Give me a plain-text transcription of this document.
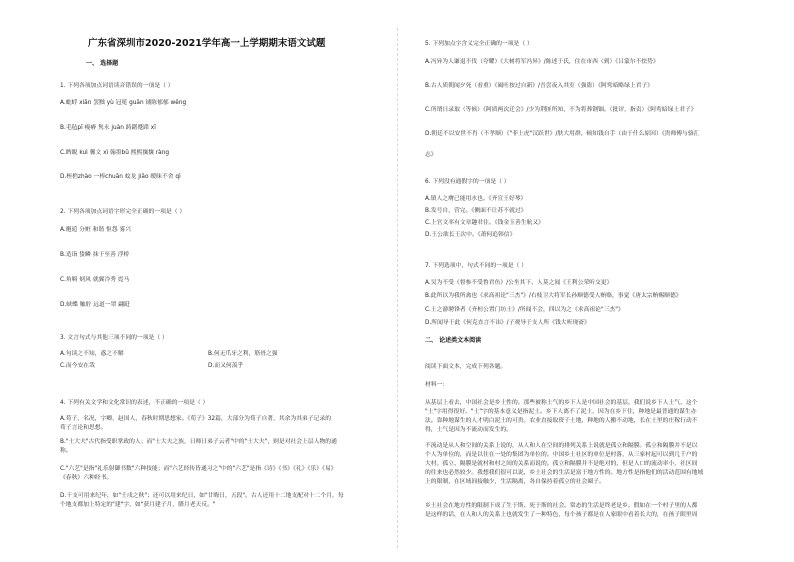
广东省深圳市2020-2021学年高一上学期期末语文试题
一、 选择题
1. 下列各项加点词语读音错误的一项是（ ）
A.蚍蜉 xiān 罢黜 yù 冠冕 guān 铺陈郁郁 wěng
B.毛毡pī 瘦瘠 隽永 juàn 踌躇蹙踖 xī
C.睥睨 kuì 馨文 xì 翰墨bǔ 熙熙攘攘 ràng
D.桎梏zhào 一棒chuān 蚊龙 jiāo 暧昧不舍 qì
2. 下列各项加点词语字形完全正确的一项是（ ）
A.邂逅 分赃 和谐 怄怨 雾兴
B.造诣 蛰鳞 抹于至善 浮桥
C.角羁 炳风 就翼冷秀 霓马
D.蛱蝶 触聍 远道一罩 翩跹
3. 文言句式与其他三项不同的一项是（ ）
A.句读之不知，惑之不解	B.何无爪牙之利，筋骨之强
C.而今安在哉	D.而又何羡乎
4. 下列有关文学和文化常识的表述，不正确的一项是（ ）
A.荀子，名况，字卿，赵国人，春秋时期思想家。《荀子》32篇，大部分为荀子自著，其余为其弟子记录的
荀子言论和思想。
B."士大夫"古代指受职掌政的人；而"士大夫之族，日师日弟子云者"中的"士大夫"，则是对社会上层人物的通
称。
C."六艺"是指"礼乐射御书数"六种技能；而"六艺经传皆通习之"中的"六艺"是指《诗》《书》《礼》《乐》《易》
《春秋》六种经书。
D.干支可用来纪年，如"壬戌之秋"；还可以用来纪日，如"廿晦日，五段"。古人还用十二地支配对十二个月，每
个地支都加上特定的"建"字，如"获月建子月，腊月老天反。"
5. 下列加点字含义完全正确的一项是（ ）
A.冯异为人谦退不伐（夸耀）《大树将军冯异》/陈述于氏，住在市西（到）《吕蒙尔不怯势》
B.古人质朝闻夕死（看重）《阖吐按过自新》/吾尝夜入其室（强盗）《阿鸾暗略绿上君子》
C.所谓日录取（等候）《阿质两次迁会》/少为荆匪所知，不为将葬钢锢。（批评，指责）《阿鸾暗绿上君子》
D.朝廷不以安世不肖（不孝顺）《"菲上虎"汉跃世》/肤大用群，顿知钱自手（由于什么原因）《贵师傅与骆汇
志》
6. 下列没有通假字的一项是（ ）
A.镇人之膺已能用水也。《齐宣王好琴》
B.发号自，营完。《侧面不让苏不就过》
C.上官文率有文章趣君住。《钱金玉善生航又》
D.王公欲长王次中。《萧何追韩信》
7. 下列选项中，句式不同的一项是（ ）
A.吴为不受《督参不受鲁君鱼》/公坐其下，人莫之闻《王利公荣听交更》
B.此所以为我所禽也《求高祖论"三杰"》/右枝卫大将军长孙顺德受人贿赂，事觉《唐太宗贿赐顺德》
C.士之游聘锋者《齐桓公置门坊士》/所闻不会，四以为之《求高祖论"三杰"》
D.所闻导于此《何克直言不讳》/子观导于支人所《钱大听现斋》
二、 论述类文本阅读
阅读下面文本，完成下列各题。
材料一：
从基层上看去，中国社会是乡土性的。那些被称土气的乡下人是中国社会的基层。我们说乡下人土气，这个
"土"字用得很好。"土"字的基本意义是指泥土。乡下人离不了泥土，因为在乡下住，种地是最普通的谋生办
法。靠种地谋生的人才明白泥土的可贵。农业直接取资于土地，种地的人搬不动地，长在土里的庄稼行动不
得，土气是因为不流动而发生的。
不流动是从人和空间的关系上说的，从人和人在空间的排列关系上说就是孤立和隔膜。孤立和隔膜并不是以
个人为单位的，而是以住在一处的集团为单位的。中国乡土社区的单位是村落，从三家村起可以到几千户的
大村。孤立、隔膜是就村和村之间的关系而说的。孤立和隔膜并不是绝对的，但是人口的流动率小，社区间
的往来也必然较少。我想我们很可以说，乡土社会的生活是富于地方性的。地方性是指他们的活动范围有地域
上的限制，在区域间接触少，生活隔离，各自保持着孤立的社会圈子。
乡土社会在地方性的限制下成了生于斯、死于斯的社会。常态的生活是终老是乡。假如在一个村子里的人都
是这样的话，在人和人的关系上也就发生了一种特色，每个孩子都是在人家眼中看着长大的，在孩子眼里周
